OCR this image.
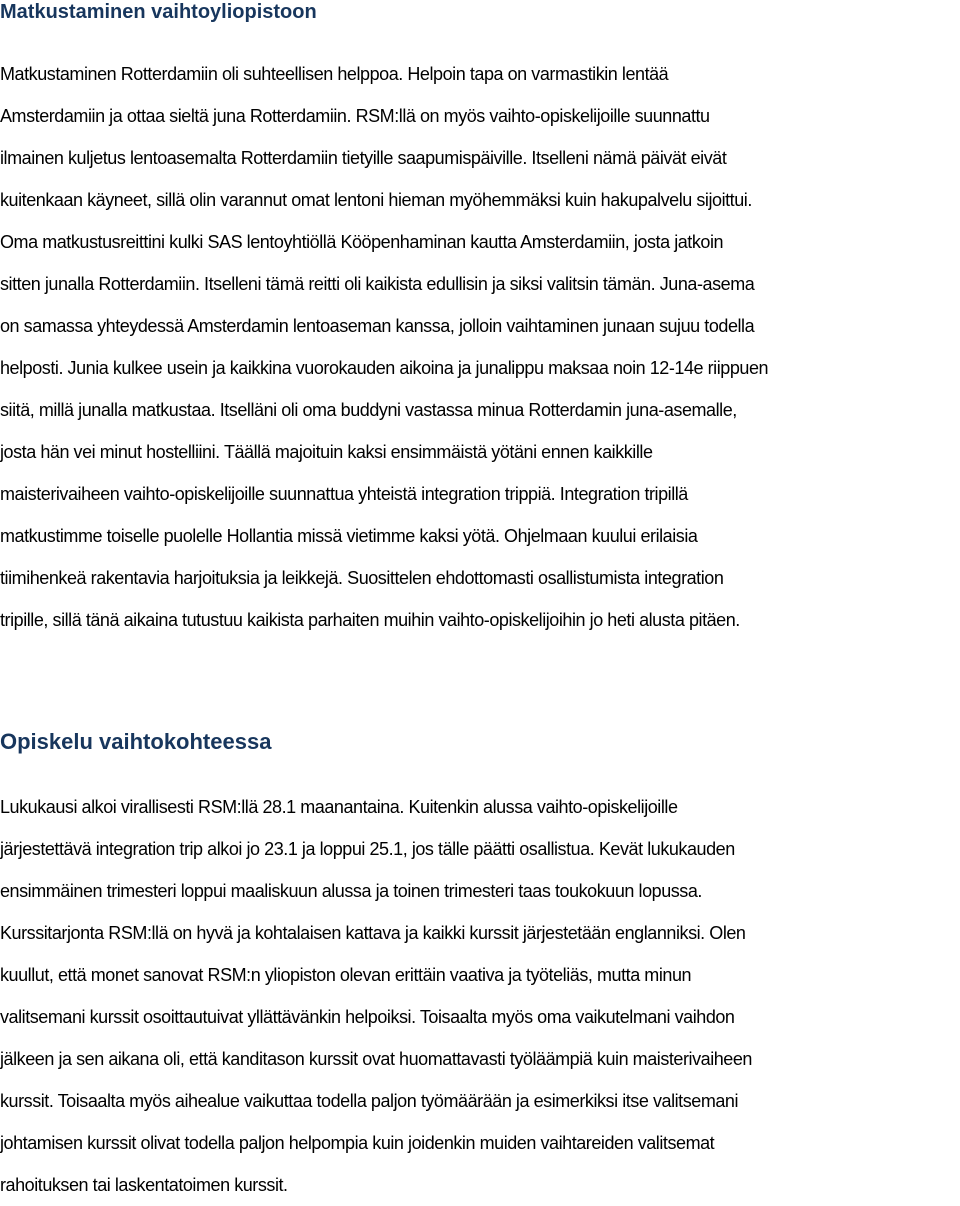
Matkustaminen vaihtoyliopistoon
Matkustaminen Rotterdamiin oli suhteellisen helppoa. Helpoin tapa on varmastikin lentää
Amsterdamiin ja ottaa sieltä juna Rotterdamiin. RSM:llä on myös vaihto-opiskelijoille suunnattu
ilmainen kuljetus lentoasemalta Rotterdamiin tietyille saapumispäiville. Itselleni nämä päivät eivät
kuitenkaan käyneet, sillä olin varannut omat lentoni hieman myöhemmäksi kuin hakupalvelu sijoittui.
Oma matkustusreittini kulki SAS lentoyhtiöllä Kööpenhaminan kautta Amsterdamiin, josta jatkoin
sitten junalla Rotterdamiin. Itselleni tämä reitti oli kaikista edullisin ja siksi valitsin tämän. Juna-asema
on samassa yhteydessä Amsterdamin lentoaseman kanssa, jolloin vaihtaminen junaan sujuu todella
helposti. Junia kulkee usein ja kaikkina vuorokauden aikoina ja junalippu maksaa noin 12-14e riippuen
siitä, millä junalla matkustaa. Itselläni oli oma buddyni vastassa minua Rotterdamin juna-asemalle,
josta hän vei minut hostelliini. Täällä majoituin kaksi ensimmäistä yötäni ennen kaikkille
maisterivaiheen vaihto-opiskelijoille suunnattua yhteistä integration trippiä. Integration tripillä
matkustimme toiselle puolelle Hollantia missä vietimme kaksi yötä. Ohjelmaan kuului erilaisia
tiimihenkeä rakentavia harjoituksia ja leikkejä. Suosittelen ehdottomasti osallistumista integration
tripille, sillä tänä aikaina tutustuu kaikista parhaiten muihin vaihto-opiskelijoihin jo heti alusta pitäen.
Opiskelu vaihtokohteessa
Lukukausi alkoi virallisesti RSM:llä 28.1 maanantaina. Kuitenkin alussa vaihto-opiskelijoille
järjestettävä integration trip alkoi jo 23.1 ja loppui 25.1, jos tälle päätti osallistua. Kevät lukukauden
ensimmäinen trimesteri loppui maaliskuun alussa ja toinen trimesteri taas toukokuun lopussa.
Kurssitarjonta RSM:llä on hyvä ja kohtalaisen kattava ja kaikki kurssit järjestetään englanniksi. Olen
kuullut, että monet sanovat RSM:n yliopiston olevan erittäin vaativa ja työteliäs, mutta minun
valitsemani kurssit osoittautuivat yllättävänkin helpoiksi. Toisaalta myös oma vaikutelmani vaihdon
jälkeen ja sen aikana oli, että kanditason kurssit ovat huomattavasti työläämpiä kuin maisterivaiheen
kurssit. Toisaalta myös aihealue vaikuttaa todella paljon työmäärään ja esimerkiksi itse valitsemani
johtamisen kurssit olivat todella paljon helpompia kuin joidenkin muiden vaihtareiden valitsemat
rahoituksen tai laskentatoimen kurssit.
